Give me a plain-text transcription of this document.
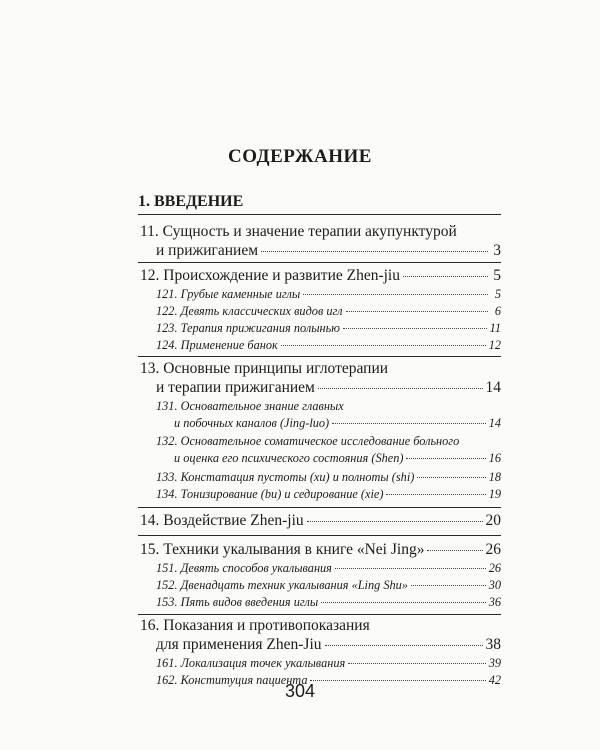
СОДЕРЖАНИЕ
1. ВВЕДЕНИЕ
11. Сущность и значение терапии акупунктурой
и прижиганием	3
12. Происхождение и развитие Zhen-jiu	5
121. Грубые каменные иглы	5
122. Девять классических видов игл	6
123. Терапия прижигания полынью	11
124. Применение банок	12
13. Основные принципы иглотерапии
и терапии прижиганием	14
131. Основательное знание главных
и побочных каналов (Jing-luo)	14
132. Основательное соматическое исследование больного
и оценка его психического состояния (Shen)	16
133. Констатация пустоты (xu) и полноты (shi)	18
134. Тонизирование (bu) и седирование (xie)	19
14. Воздействие Zhen-jiu	20
15. Техники укалывания в книге «Nei Jing»	26
151. Девять способов укалывания	26
152. Двенадцать техник укалывания «Ling Shu»	30
153. Пять видов введения иглы	36
16. Показания и противопоказания
для применения Zhen-Jiu	38
161. Локализация точек укалывания	39
162. Конституция пациента	42
304
